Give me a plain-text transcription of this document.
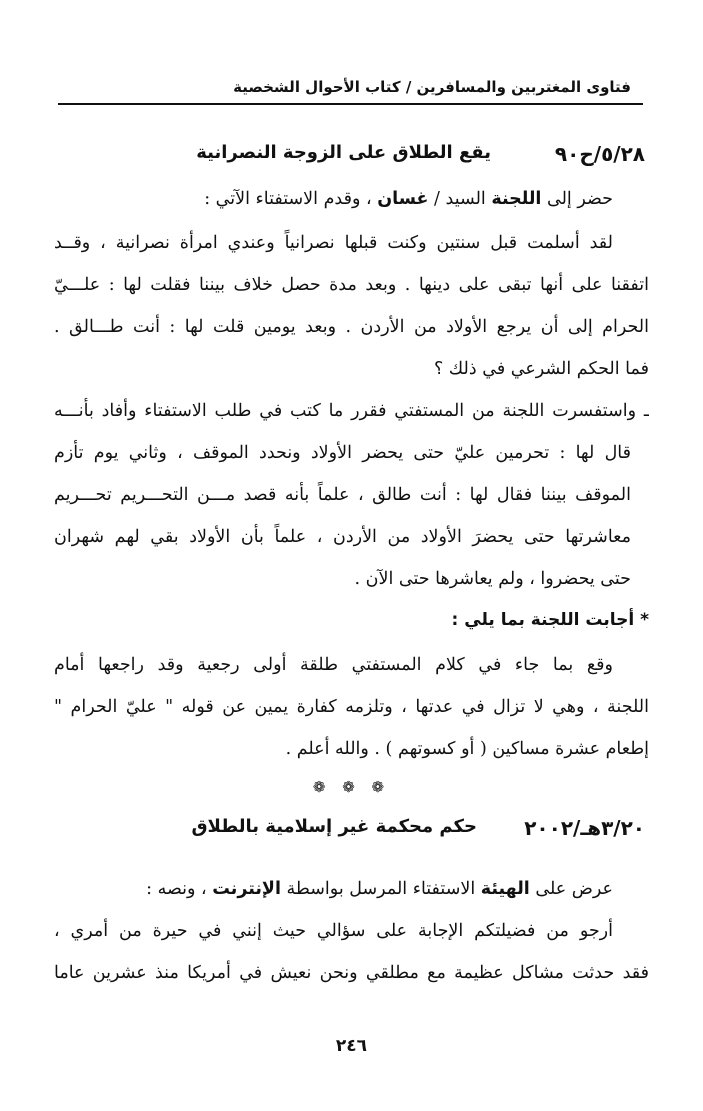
فتاوى المغتربين والمسافرين / كتاب الأحوال الشخصية
٥/٢٨/ح٩٠
يقع الطلاق على الزوجة النصرانية
حضر إلى اللجنة السيد / غسان ، وقدم الاستفتاء الآتي :
لقد أسلمت قبل سنتين وكنت قبلها نصرانياً وعندي امرأة نصرانية ، وقــد
اتفقنا على أنها تبقى على دينها . وبعد مدة حصل خلاف بيننا فقلت لها : علـــيّ
الحرام إلى أن يرجع الأولاد من الأردن . وبعد يومين قلت لها : أنت طـــالق .
فما الحكم الشرعي في ذلك ؟
ـ واستفسرت اللجنة من المستفتي فقرر ما كتب في طلب الاستفتاء وأفاد بأنـــه
قال لها : تحرمين عليّ حتى يحضر الأولاد ونحدد الموقف ، وثاني يوم تأزم
الموقف بيننا فقال لها : أنت طالق ، علماً بأنه قصد مـــن التحـــريم تحـــريم
معاشرتها حتى يحضرَ الأولاد من الأردن ، علماً بأن الأولاد بقي لهم شهران
حتى يحضروا ، ولم يعاشرها حتى الآن .
* أجابت اللجنة بما يلي :
وقع بما جاء في كلام المستفتي طلقة أولى رجعية وقد راجعها أمام
اللجنة ، وهي لا تزال في عدتها ، وتلزمه كفارة يمين عن قوله " عليّ الحرام "
إطعام عشرة مساكين ( أو كسوتهم ) . والله أعلم .
❁ ❁ ❁
٣/٢٠هـ/٢٠٠٢
حكم محكمة غير إسلامية بالطلاق
عرض على الهيئة الاستفتاء المرسل بواسطة الإنترنت ، ونصه :
أرجو من فضيلتكم الإجابة على سؤالي حيث إنني في حيرة من أمري ،
فقد حدثت مشاكل عظيمة مع مطلقي ونحن نعيش في أمريكا منذ عشرين عاما
٢٤٦
